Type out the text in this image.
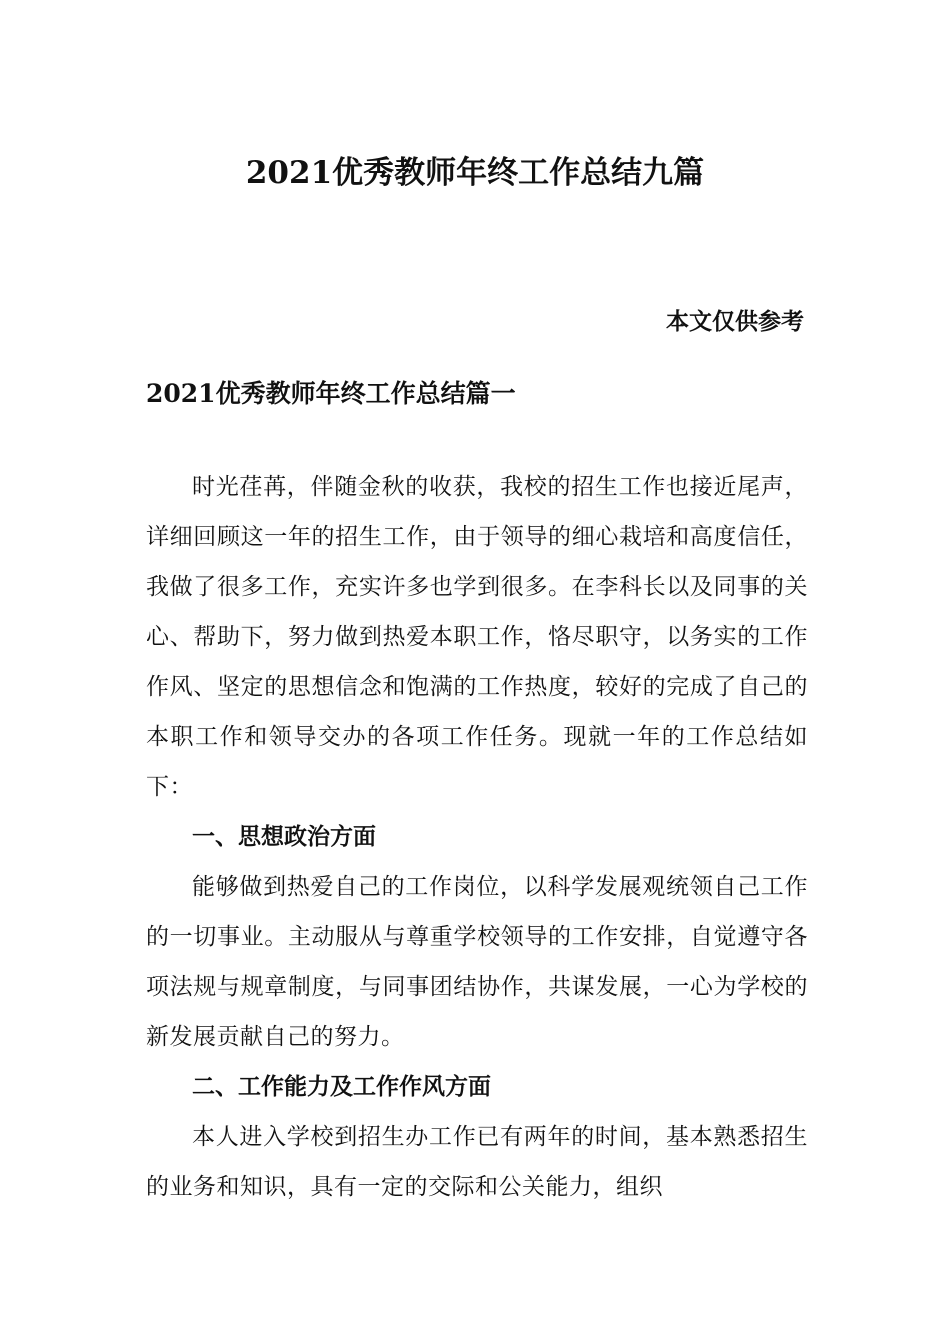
2021优秀教师年终工作总结九篇

本文仅供参考

2021优秀教师年终工作总结篇一

时光荏苒，伴随金秋的收获，我校的招生工作也接近尾声，详细回顾这一年的招生工作，由于领导的细心栽培和高度信任，我做了很多工作，充实许多也学到很多。在李科长以及同事的关心、帮助下，努力做到热爱本职工作，恪尽职守，以务实的工作作风、坚定的思想信念和饱满的工作热度，较好的完成了自己的本职工作和领导交办的各项工作任务。现就一年的工作总结如下：

一、思想政治方面

能够做到热爱自己的工作岗位，以科学发展观统领自己工作的一切事业。主动服从与尊重学校领导的工作安排，自觉遵守各项法规与规章制度，与同事团结协作，共谋发展，一心为学校的新发展贡献自己的努力。

二、工作能力及工作作风方面

本人进入学校到招生办工作已有两年的时间，基本熟悉招生的业务和知识，具有一定的交际和公关能力，组织
